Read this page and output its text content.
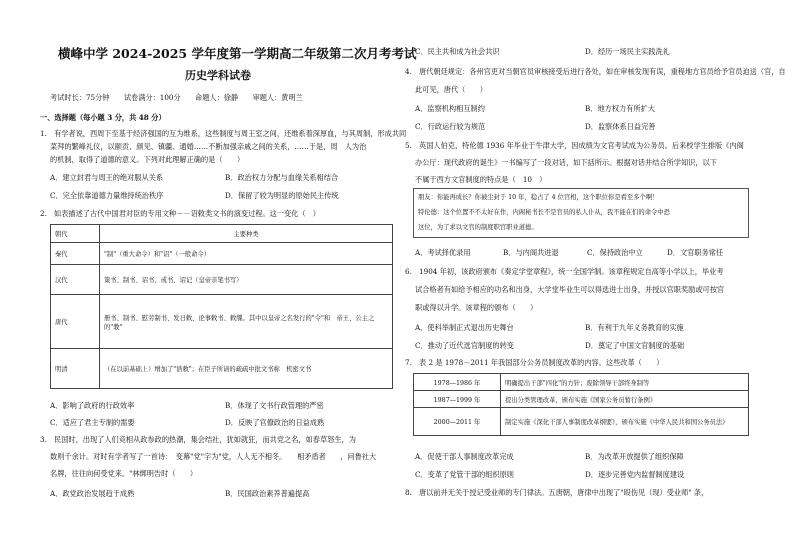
横峰中学 2024-2025 学年度第一学期高二年级第二次月考考试
历史学科试卷
考试时长：75分钟　　试卷满分：100分　　命题人：徐静　　审题人：黄明兰
一、选择题（每小题 3 分，共 48 分）
1.　有学者说，西周下至基于经济强国的互为维系，这些制度与周王室之间，还维系着深厚血，与其周制，形成共同
菜拜的繁峰礼仪，以颐贡、颜见、镇疆、通婚……不断加强亲戚之间的关系，……于是，周　人为治
的机制，取得了道德的意义。下列对此理解正确的是（　　）
A．建立封君与周王的绝对服从关系	B．政治权力分配与血缘关系相结合
C．完全依靠道德力量维持统治秩序	D．保留了较为明显的原始民主传统
2.　如表描述了古代中国君对臣的专用文种－－诏敕类文书的演变过程。这一变化（　）
朝代	主要种类
秦代	"制"（重大命令）和"诏"（一般命令）
汉代	策书、制书、诏书、戒书、诏记（皇帝亲笔书写）
唐代	册书、制书、慰劳制书、发日敕、论事敕书、敕牒。其中以皇帝之名发行的"令"和　帝王、公主之的"教"
明清	（在以前基础上）增加了"诰敕"；在臣子所请的疏疏中批文书称　机密文书
A．影响了政府的行政效率	B．体现了文书行政管理的严密
C．适应了君主专制的需要	D．反映了官僚政治的日益成熟
3.　民国时，出现了人们竞相从政参政的热潮，集会结社，犹如就狂，而共党之名，如春草怒生，为
数则千余计。对时有学者写了一首诗：　变幕"党"字为"党，人人无不相冬。　　相矛盾者　　，问鲁社大
名牌，往往向何受党来。"林绑明告时（　　）
A．政党政治发展趋于成熟	B．民国政治素养普遍提高
C．民主共和成为社会共识	D．经历一场民主实践洗礼
4.　唐代朝廷规定：各州官吏对当朝官员审核接受后进行各处，如在审核发现有误，重程地方官员给予官员迫送（官，自
此可见，唐代（　　）
A．监察机构相互制约	B．地方权力有所扩大
C．行政运行较为规范	D．监察体系日益完善
5.　英国人伯克，特伦德 1936 年毕业于牛津大学，因成绩为文官考试成为公务员。后来校学生排版《内阁
办公厅：现代政府的诞生》一书编写了一段对话，如下括所示。根据对话并结合所学知识，以下
不属于西方文官制度的特点是（　10　）
朋友：你能再成长？你被尘封于 10 年，稳占了 4 位宫相，这个职位你是看至多个啊！
特伦德：这个位置不不太好在作，内阁秘书长不是官员的私人仆从，我不能在们的命令中恐
这位，为了求以文官的制度职官职业道德。
A．考试择优录用	B．与内阁共进退	C．保持政治中立	D．文官职务常任
6.　1904 年初，该政府颁布《奏定学堂章程》，统一全国学制。该章程规定自高等小学以上，毕业考
试合格者有如给予相应的功名和出身，大学堂毕业生可以得选进士出身，并授以官职奖励或可按官
职或得以升学。该章程的颁布（　　）
A．使科举制正式退出历史舞台	B．有利于九年义务教育的实施
C．推动了近代选官制度的转变	D．奠定了中国文官制度的基础
7.　表 2 是 1978－2011 年我国部分公务员制度改革的内容。这些改革（　　）
1978—1986 年	明确提出干部"四化"的方针；废除领导干部终身制等
1987—1999 年	提出分类管理改革，颁布实施《国家公务员暂行条例》
2000—2011 年	制定实施《深化干部人事制度改革纲要》，颁布实施《中华人民共和国公务员法》
A．促使干部人事制度改革完成	B．为改革开放提供了组织保障
C．变革了党管干部的组织原则	D．逐步完善党内监督制度建设
8.　唐以前并无关于授记受业师的专门律法。五唐朝，唐律中出现了"殴伤见（现）受业师" 条，
